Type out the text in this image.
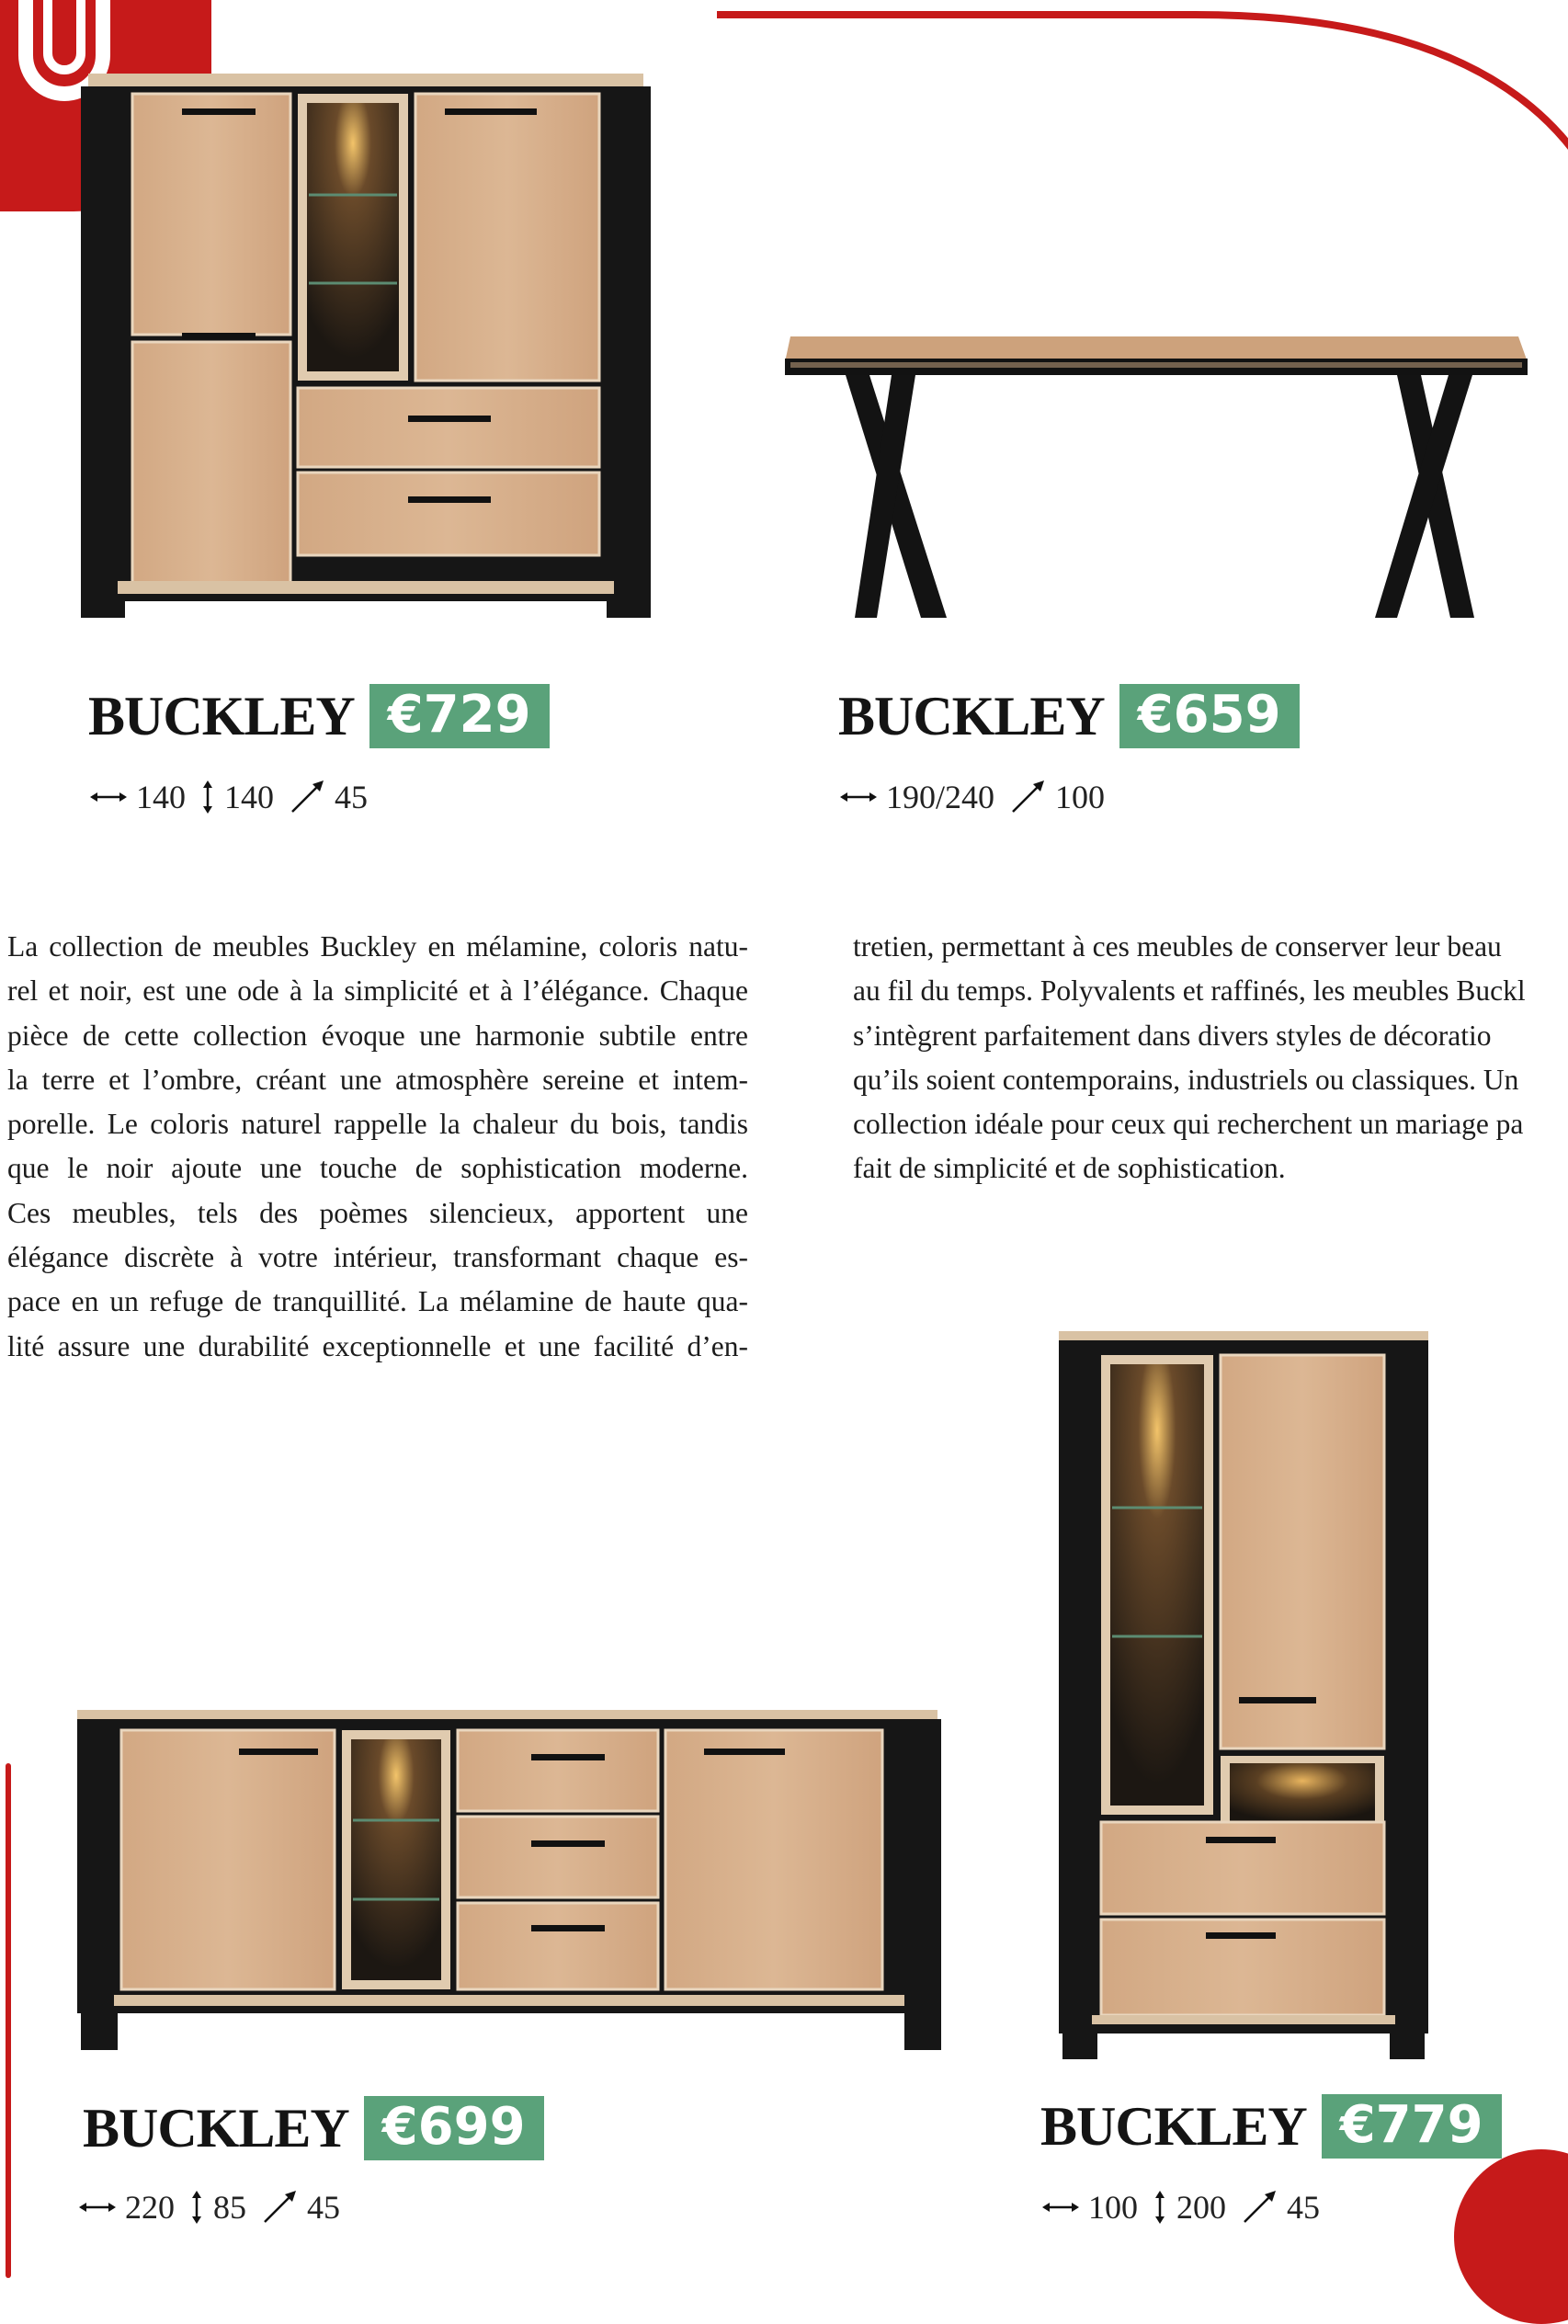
BUCKLEY €729
140 140 45
BUCKLEY €659
190/240 100
La collection de meubles Buckley en mélamine, coloris natu-
rel et noir, est une ode à la simplicité et à l’élégance. Chaque
pièce de cette collection évoque une harmonie subtile entre
la terre et l’ombre, créant une atmosphère sereine et intem-
porelle. Le coloris naturel rappelle la chaleur du bois, tandis
que le noir ajoute une touche de sophistication moderne.
Ces meubles, tels des poèmes silencieux, apportent une
élégance discrète à votre intérieur, transformant chaque es-
pace en un refuge de tranquillité. La mélamine de haute qua-
lité assure une durabilité exceptionnelle et une facilité d’en-
tretien, permettant à ces meubles de conserver leur beau
au fil du temps. Polyvalents et raffinés, les meubles Buckl
s’intègrent parfaitement dans divers styles de décoratio
qu’ils soient contemporains, industriels ou classiques. Un
collection idéale pour ceux qui recherchent un mariage pa
fait de simplicité et de sophistication.
BUCKLEY €699
220 85 45
BUCKLEY €779
100 200 45
